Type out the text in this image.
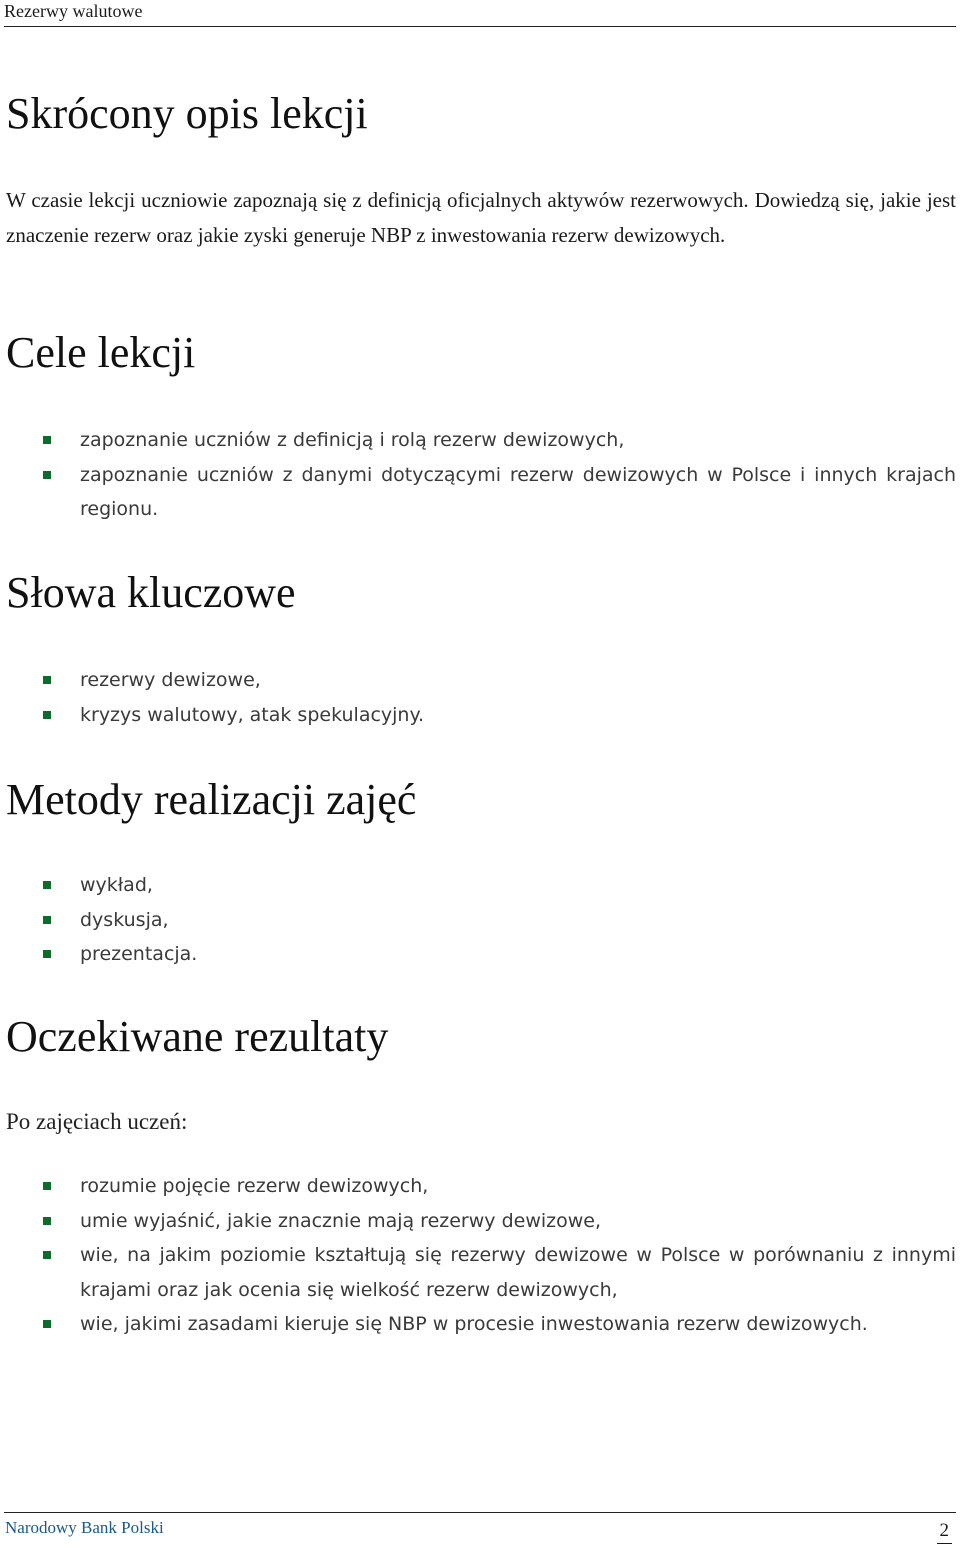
Rezerwy walutowe
Skrócony opis lekcji

W czasie lekcji uczniowie zapoznają się z definicją oficjalnych aktywów rezerwowych. Dowiedzą się, jakie jest znaczenie rezerw oraz jakie zyski generuje NBP z inwestowania rezerw dewizowych.

Cele lekcji
zapoznanie uczniów z definicją i rolą rezerw dewizowych,
zapoznanie uczniów z danymi dotyczącymi rezerw dewizowych w Polsce i innych krajach regionu.
Słowa kluczowe
rezerwy dewizowe,
kryzys walutowy, atak spekulacyjny.
Metody realizacji zajęć
wykład,
dyskusja,
prezentacja.
Oczekiwane rezultaty

Po zajęciach uczeń:

rozumie pojęcie rezerw dewizowych,
umie wyjaśnić, jakie znacznie mają rezerwy dewizowe,
wie, na jakim poziomie kształtują się rezerwy dewizowe w Polsce w porównaniu z innymi krajami oraz jak ocenia się wielkość rezerw dewizowych,
wie, jakimi zasadami kieruje się NBP w procesie inwestowania rezerw dewizowych.
Narodowy Bank Polski	2
